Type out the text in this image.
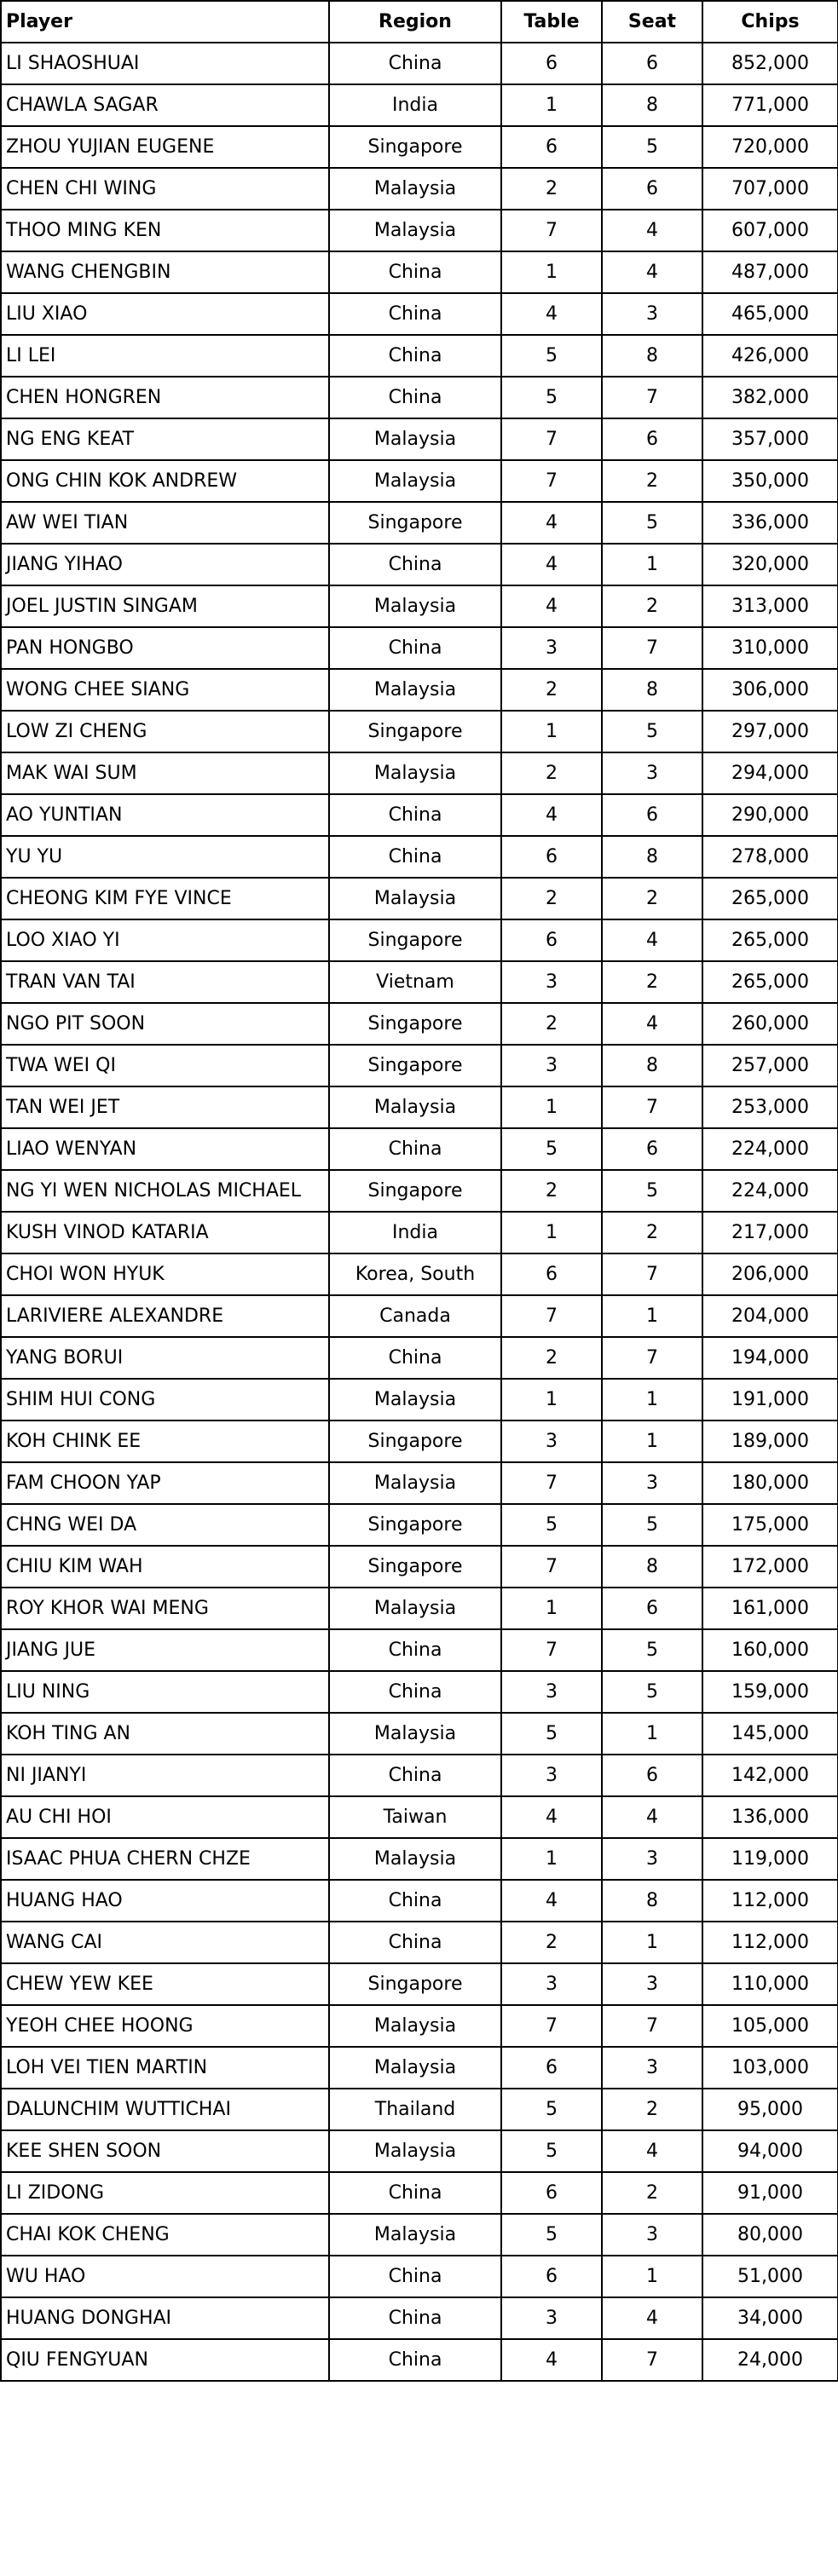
Player	Region	Table	Seat	Chips
LI SHAOSHUAI	China	6	6	852,000
CHAWLA SAGAR	India	1	8	771,000
ZHOU YUJIAN EUGENE	Singapore	6	5	720,000
CHEN CHI WING	Malaysia	2	6	707,000
THOO MING KEN	Malaysia	7	4	607,000
WANG CHENGBIN	China	1	4	487,000
LIU XIAO	China	4	3	465,000
LI LEI	China	5	8	426,000
CHEN HONGREN	China	5	7	382,000
NG ENG KEAT	Malaysia	7	6	357,000
ONG CHIN KOK ANDREW	Malaysia	7	2	350,000
AW WEI TIAN	Singapore	4	5	336,000
JIANG YIHAO	China	4	1	320,000
JOEL JUSTIN SINGAM	Malaysia	4	2	313,000
PAN HONGBO	China	3	7	310,000
WONG CHEE SIANG	Malaysia	2	8	306,000
LOW ZI CHENG	Singapore	1	5	297,000
MAK WAI SUM	Malaysia	2	3	294,000
AO YUNTIAN	China	4	6	290,000
YU YU	China	6	8	278,000
CHEONG KIM FYE VINCE	Malaysia	2	2	265,000
LOO XIAO YI	Singapore	6	4	265,000
TRAN VAN TAI	Vietnam	3	2	265,000
NGO PIT SOON	Singapore	2	4	260,000
TWA WEI QI	Singapore	3	8	257,000
TAN WEI JET	Malaysia	1	7	253,000
LIAO WENYAN	China	5	6	224,000
NG YI WEN NICHOLAS MICHAEL	Singapore	2	5	224,000
KUSH VINOD KATARIA	India	1	2	217,000
CHOI WON HYUK	Korea, South	6	7	206,000
LARIVIERE ALEXANDRE	Canada	7	1	204,000
YANG BORUI	China	2	7	194,000
SHIM HUI CONG	Malaysia	1	1	191,000
KOH CHINK EE	Singapore	3	1	189,000
FAM CHOON YAP	Malaysia	7	3	180,000
CHNG WEI DA	Singapore	5	5	175,000
CHIU KIM WAH	Singapore	7	8	172,000
ROY KHOR WAI MENG	Malaysia	1	6	161,000
JIANG JUE	China	7	5	160,000
LIU NING	China	3	5	159,000
KOH TING AN	Malaysia	5	1	145,000
NI JIANYI	China	3	6	142,000
AU CHI HOI	Taiwan	4	4	136,000
ISAAC PHUA CHERN CHZE	Malaysia	1	3	119,000
HUANG HAO	China	4	8	112,000
WANG CAI	China	2	1	112,000
CHEW YEW KEE	Singapore	3	3	110,000
YEOH CHEE HOONG	Malaysia	7	7	105,000
LOH VEI TIEN MARTIN	Malaysia	6	3	103,000
DALUNCHIM WUTTICHAI	Thailand	5	2	95,000
KEE SHEN SOON	Malaysia	5	4	94,000
LI ZIDONG	China	6	2	91,000
CHAI KOK CHENG	Malaysia	5	3	80,000
WU HAO	China	6	1	51,000
HUANG DONGHAI	China	3	4	34,000
QIU FENGYUAN	China	4	7	24,000
